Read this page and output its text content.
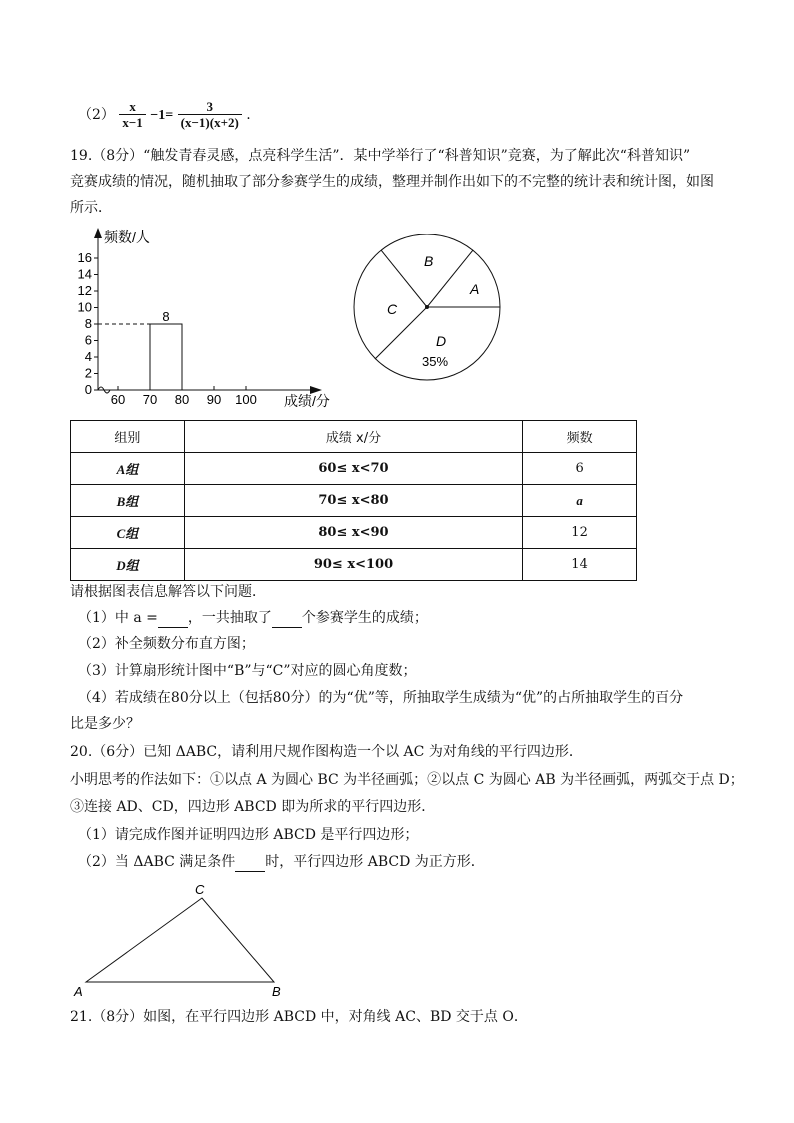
$(2) \frac{x}{x-1} -1= \frac{3}{(x-1)(x+2)}$ .
19.（8分）“触发青春灵感，点亮科学生活”．某中学举行了“科普知识”竞赛，为了解此次“科普知识”
竞赛成绩的情况，随机抽取了部分参赛学生的成绩，整理并制作出如下的不完整的统计表和统计图，如图
所示．
频数/人
成绩/分
0
2
4
6
8
10
12
14
16
60 70 80 90 100
8
A
B
C
D
35%
组别	成绩 x/分	频数
A组	60≤ x<70	6
B组	70≤ x<80	a
C组	80≤ x<90	12
D组	90≤ x<100	14
请根据图表信息解答以下问题．
（1）中 a = ，一共抽取了 个参赛学生的成绩；
（2）补全频数分布直方图；
（3）计算扇形统计图中“B”与“C”对应的圆心角度数；
（4）若成绩在80分以上（包括80分）的为“优”等，所抽取学生成绩为“优”的占所抽取学生的百分
比是多少？
20.（6分）已知 ΔABC，请利用尺规作图构造一个以 AC 为对角线的平行四边形．
小明思考的作法如下：①以点 A 为圆心 BC 为半径画弧；②以点 C 为圆心 AB 为半径画弧，两弧交于点 D；
③连接 AD、CD，四边形 ABCD 即为所求的平行四边形．
（1）请完成作图并证明四边形 ABCD 是平行四边形；
（2）当 ΔABC 满足条件 时，平行四边形 ABCD 为正方形．
A	B
C
21.（8分）如图，在平行四边形 ABCD 中，对角线 AC、BD 交于点 O．
